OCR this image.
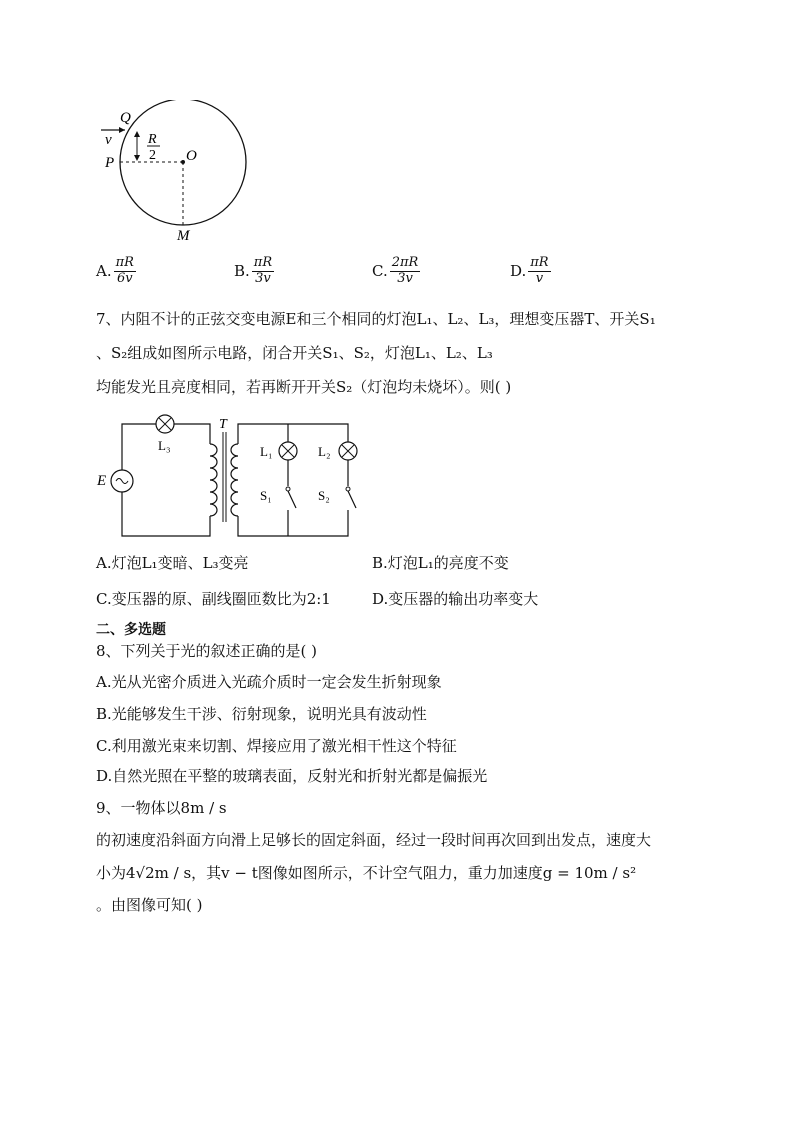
Q
v	R
2
P	O
M
A. $\frac{\pi R}{6v}$	B. $\frac{\pi R}{3v}$	C. $\frac{2\pi R}{3v}$	D. $\frac{\pi R}{v}$
7、内阻不计的正弦交变电源E和三个相同的灯泡L₁、L₂、L₃，理想变压器T、开关S₁
、S₂组成如图所示电路，闭合开关S₁、S₂，灯泡L₁、L₂、L₃
均能发光且亮度相同，若再断开开关S₂（灯泡均未烧坏）。则( )
E
L₃
T
L₁	L₂
S₁	S₂
A.灯泡L₁变暗、L₃变亮	B.灯泡L₁的亮度不变
C.变压器的原、副线圈匝数比为2:1	D.变压器的输出功率变大
二、多选题
8、下列关于光的叙述正确的是( )
A.光从光密介质进入光疏介质时一定会发生折射现象
B.光能够发生干涉、衍射现象，说明光具有波动性
C.利用激光束来切割、焊接应用了激光相干性这个特征
D.自然光照在平整的玻璃表面，反射光和折射光都是偏振光
9、一物体以8m / s
的初速度沿斜面方向滑上足够长的固定斜面，经过一段时间再次回到出发点，速度大
小为4√2m / s，其v − t图像如图所示，不计空气阻力，重力加速度g = 10m / s²
。由图像可知( )
